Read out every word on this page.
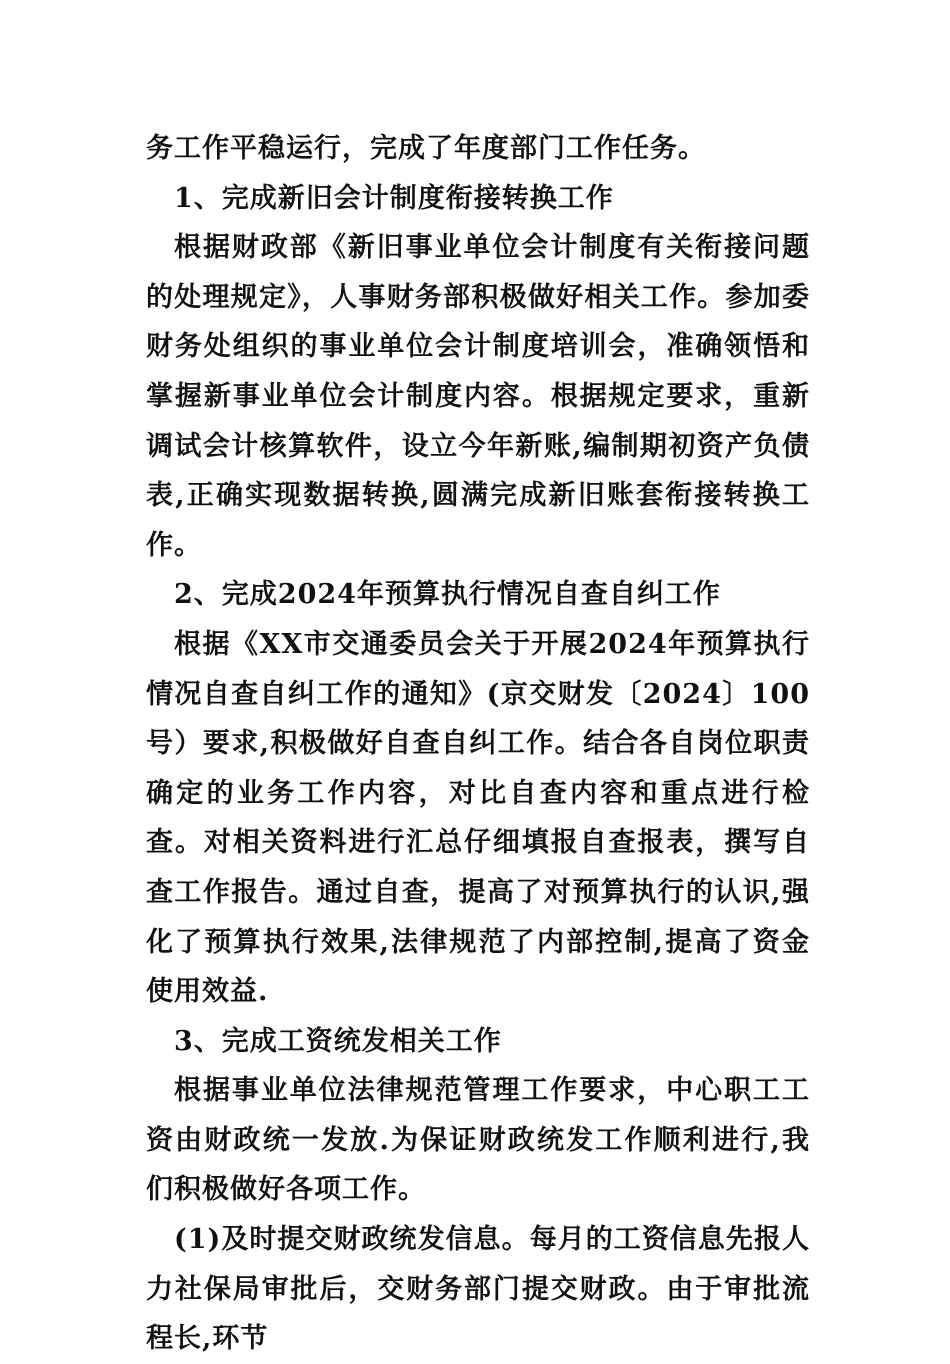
务工作平稳运行，完成了年度部门工作任务。

1、完成新旧会计制度衔接转换工作

根据财政部《新旧事业单位会计制度有关衔接问题的处理规定》，人事财务部积极做好相关工作。参加委财务处组织的事业单位会计制度培训会，准确领悟和掌握新事业单位会计制度内容。根据规定要求，重新调试会计核算软件，设立今年新账,编制期初资产负债表,正确实现数据转换,圆满完成新旧账套衔接转换工作。

2、完成2024年预算执行情况自查自纠工作

根据《XX市交通委员会关于开展2024年预算执行情况自查自纠工作的通知》(京交财发〔2024〕100号）要求,积极做好自查自纠工作。结合各自岗位职责确定的业务工作内容，对比自查内容和重点进行检查。对相关资料进行汇总仔细填报自查报表，撰写自查工作报告。通过自查，提高了对预算执行的认识,强化了预算执行效果,法律规范了内部控制,提高了资金使用效益.

3、完成工资统发相关工作

根据事业单位法律规范管理工作要求，中心职工工资由财政统一发放.为保证财政统发工作顺利进行,我们积极做好各项工作。

(1)及时提交财政统发信息。每月的工资信息先报人力社保局审批后，交财务部门提交财政。由于审批流程长,环节
